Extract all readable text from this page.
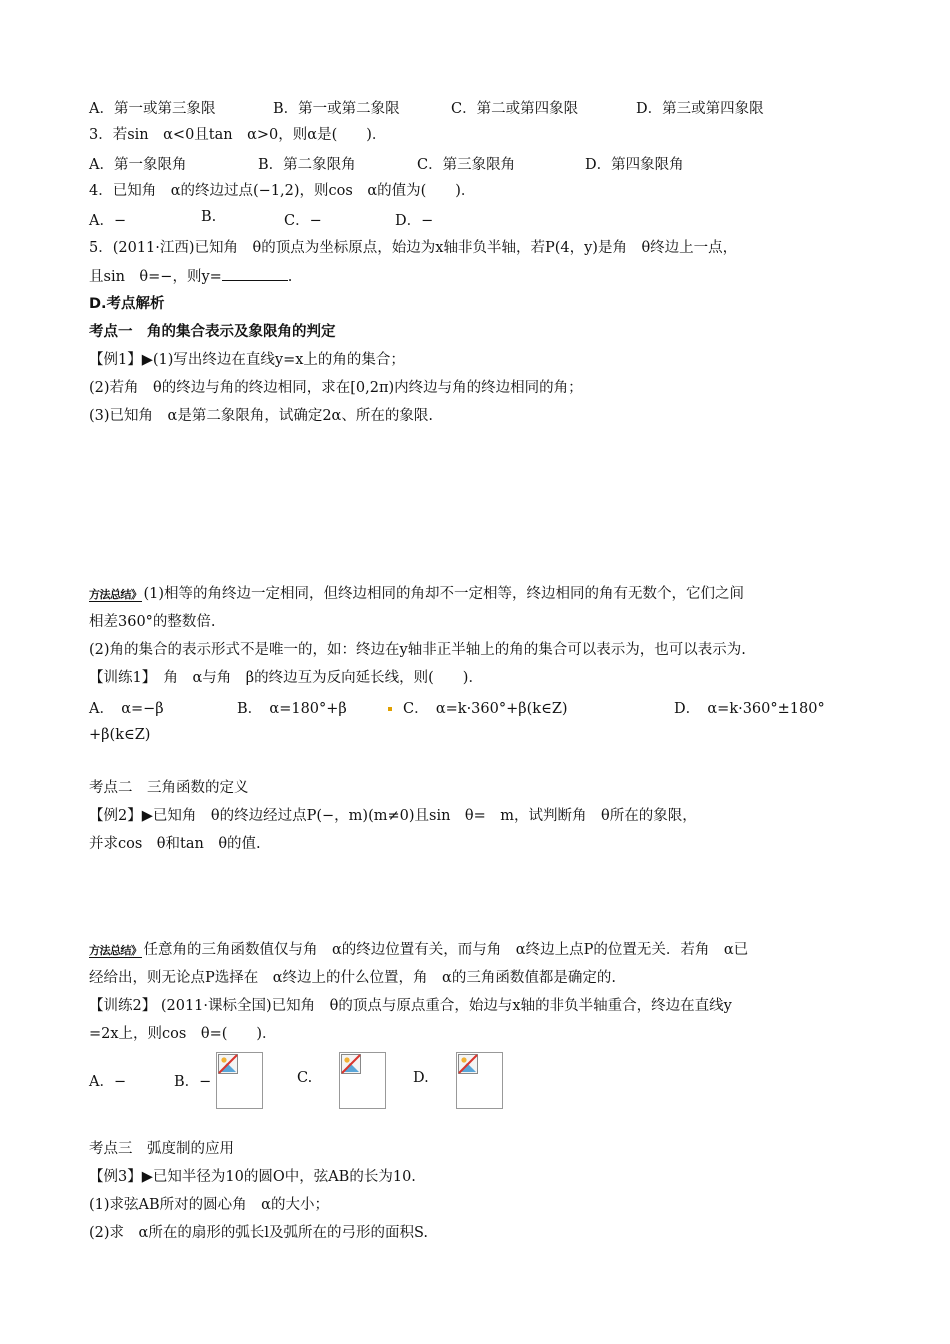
A．第一或第三象限	B．第一或第二象限	C．第二或第四象限	D．第三或第四象限
3．若sin　α<0且tan　α>0，则α是(　　)．
A．第一象限角	B．第二象限角	C．第三象限角	D．第四象限角
4．已知角　α的终边过点(−1,2)，则cos　α的值为(　　)．
A．−	B.	C．−	D．−
5．(2011·江西)已知角　θ的顶点为坐标原点，始边为x轴非负半轴，若P(4，y)是角　θ终边上一点，
且sin　θ=−，则y=	.
D.考点解析
考点一　角的集合表示及象限角的判定
【例1】▶(1)写出终边在直线y=x上的角的集合；
(2)若角　θ的终边与角的终边相同，求在[0,2π)内终边与角的终边相同的角；
(3)已知角　α是第二象限角，试确定2α、所在的象限.
方法总结》 (1)相等的角终边一定相同，但终边相同的角却不一定相等，终边相同的角有无数个，它们之间
相差360°的整数倍.
(2)角的集合的表示形式不是唯一的，如：终边在y轴非正半轴上的角的集合可以表示为，也可以表示为.
【训练1】　角　α与角　β的终边互为反向延长线，则(　　)．
A．　α=−β	B．　α=180°+β	C．　α=k·360°+β(k∈Z)	D．　α=k·360°±180°
+β(k∈Z)
考点二　三角函数的定义
【例2】▶已知角　θ的终边经过点P(−，m)(m≠0)且sin　θ=　m，试判断角　θ所在的象限，
并求cos　θ和tan　θ的值.
方法总结》 任意角的三角函数值仅与角　α的终边位置有关，而与角　α终边上点P的位置无关．若角　α已
经给出，则无论点P选择在　α终边上的什么位置，角　α的三角函数值都是确定的.
【训练2】 (2011·课标全国)已知角　θ的顶点与原点重合，始边与x轴的非负半轴重合，终边在直线y
=2x上，则cos　θ=(　　)．
A．−	B．−	C.	D.
考点三　弧度制的应用
【例3】▶已知半径为10的圆O中，弦AB的长为10.
(1)求弦AB所对的圆心角　α的大小；
(2)求　α所在的扇形的弧长l及弧所在的弓形的面积S.
